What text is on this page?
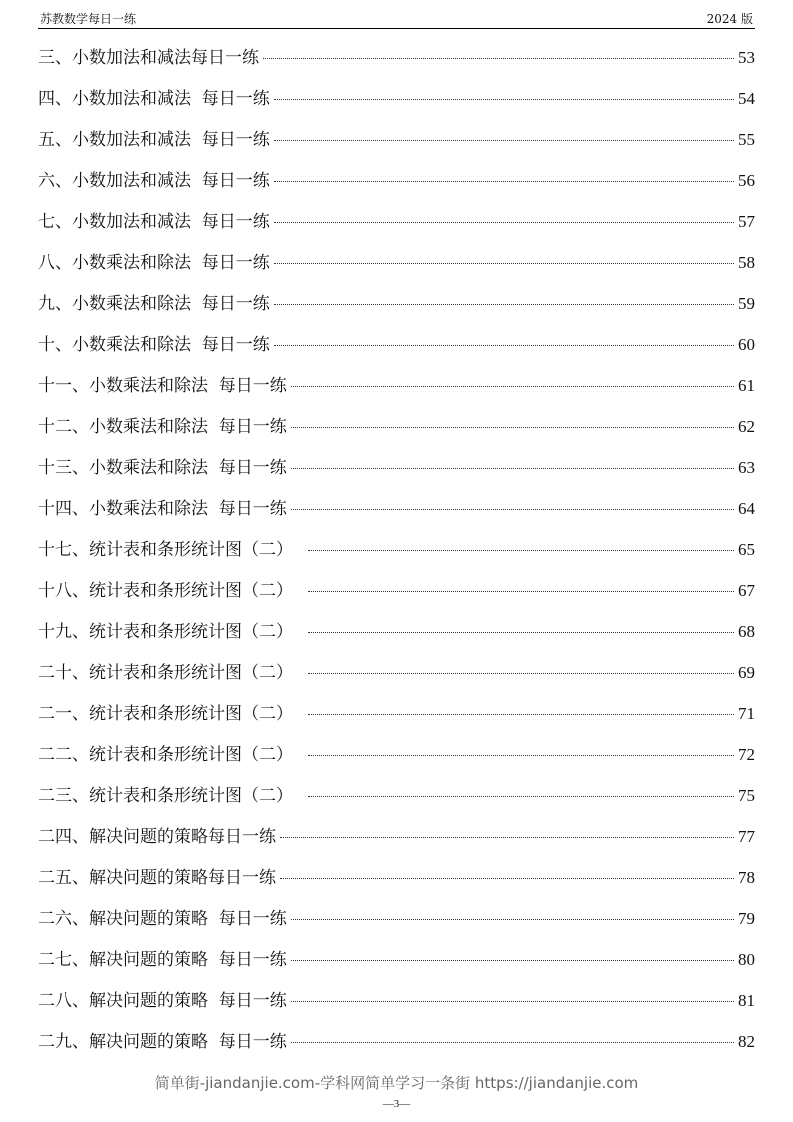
苏教数学每日一练	2024 版
三、小数加法和减法每日一练	53
四、小数加法和减法  每日一练	54
五、小数加法和减法  每日一练	55
六、小数加法和减法  每日一练	56
七、小数加法和减法  每日一练	57
八、小数乘法和除法  每日一练	58
九、小数乘法和除法  每日一练	59
十、小数乘法和除法  每日一练	60
十一、小数乘法和除法  每日一练	61
十二、小数乘法和除法  每日一练	62
十三、小数乘法和除法  每日一练	63
十四、小数乘法和除法  每日一练	64
十七、统计表和条形统计图（二）	65
十八、统计表和条形统计图（二）	67
十九、统计表和条形统计图（二）	68
二十、统计表和条形统计图（二）	69
二一、统计表和条形统计图（二）	71
二二、统计表和条形统计图（二）	72
二三、统计表和条形统计图（二）	75
二四、解决问题的策略每日一练	77
二五、解决问题的策略每日一练	78
二六、解决问题的策略  每日一练	79
二七、解决问题的策略  每日一练	80
二八、解决问题的策略  每日一练	81
二九、解决问题的策略  每日一练	82
简单街-jiandanjie.com-学科网简单学习一条街 https://jiandanjie.com
—3—
